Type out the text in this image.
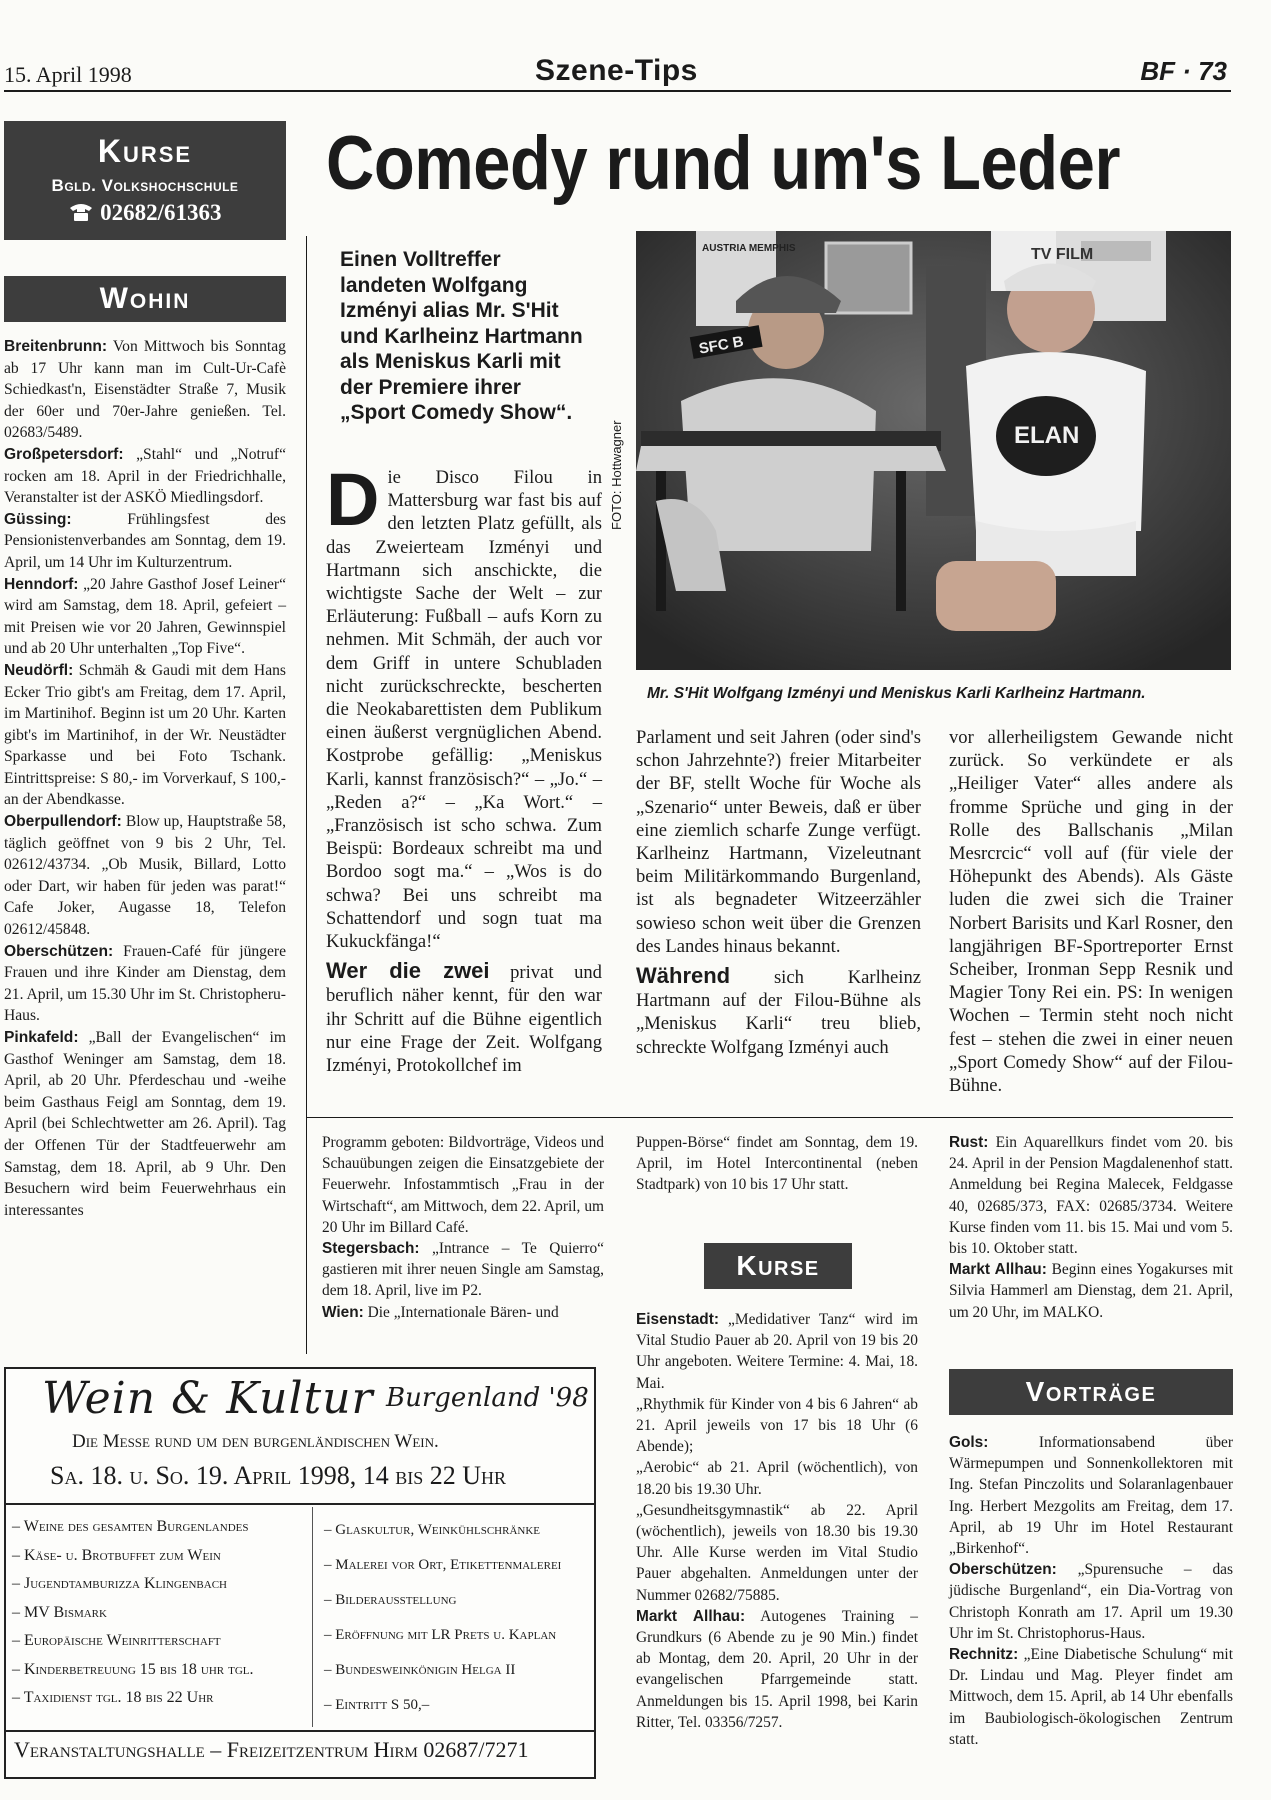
15. April 1998	Szene-Tips	BF · 73
Kurse
Bgld. Volkshochschule
02682/61363
Wohin

Breitenbrunn: Von Mittwoch bis Sonntag ab 17 Uhr kann man im Cult-Ur-Cafè Schiedkast'n, Eisenstädter Straße 7, Musik der 60er und 70er-Jahre genießen. Tel. 02683/5489.

Großpetersdorf: „Stahl“ und „Notruf“ rocken am 18. April in der Friedrichhalle, Veranstalter ist der ASKÖ Miedlingsdorf.

Güssing:	Frühlingsfest des Pensionistenverbandes am Sonntag, dem 19. April, um 14 Uhr im Kulturzentrum.

Henndorf: „20 Jahre Gasthof Josef Leiner“ wird am Samstag, dem 18. April, gefeiert – mit Preisen wie vor 20 Jahren, Gewinnspiel und ab 20 Uhr unterhalten „Top Five“.

Neudörfl: Schmäh & Gaudi mit dem Hans Ecker Trio gibt's am Freitag, dem 17. April, im Martinihof. Beginn ist um 20 Uhr. Karten gibt's im Martinihof, in der Wr. Neustädter Sparkasse und bei Foto Tschank. Eintrittspreise: S 80,- im Vorverkauf, S 100,- an der Abendkasse.

Oberpullendorf: Blow up, Hauptstraße 58, täglich geöffnet von 9 bis 2 Uhr, Tel. 02612/43734. „Ob Musik, Billard, Lotto oder Dart, wir haben für jeden was parat!“ Cafe Joker, Augasse 18, Telefon 02612/45848.

Oberschützen: Frauen-Café für jüngere Frauen und ihre Kinder am Dienstag, dem 21. April, um 15.30 Uhr im St. Christopheru-Haus.

Pinkafeld: „Ball der Evangelischen“ im Gasthof Weninger am Samstag, dem 18. April, ab 20 Uhr. Pferdeschau und -weihe beim Gasthaus Feigl am Sonntag, dem 19. April (bei Schlechtwetter am 26. April). Tag der Offenen Tür der Stadtfeuerwehr am Samstag, dem 18. April, ab 9 Uhr. Den Besuchern wird beim Feuerwehrhaus ein interessantes

Comedy rund um's Leder
Einen Volltreffer landeten Wolfgang Izményi alias Mr. S'Hit und Karlheinz Hartmann als Meniskus Karli mit der Premiere ihrer „Sport Comedy Show“.
SFC B
AUSTRIA MEMPHIS
ELAN
TV FILM
FOTO: Hottwagner
Mr. S'Hit Wolfgang Izményi und Meniskus Karli Karlheinz Hartmann.
D ie Disco Filou in Mattersburg war fast bis auf den letzten Platz gefüllt, als das Zweierteam Izményi und Hartmann sich anschickte, die wichtigste Sache der Welt – zur Erläuterung: Fußball – aufs Korn zu nehmen. Mit Schmäh, der auch vor dem Griff in untere Schubladen nicht zurückschreckte, bescherten die Neokabarettisten dem Publikum einen äußerst vergnüglichen Abend. Kostprobe gefällig: „Meniskus Karli, kannst französisch?“ – „Jo.“ – „Reden a?“ – „Ka Wort.“ – „Französisch ist scho schwa. Zum Beispü: Bordeaux schreibt ma und Bordoo sogt ma.“ – „Wos is do schwa? Bei uns schreibt ma Schattendorf und sogn tuat ma Kukuckfänga!“

Wer die zwei privat und beruflich näher kennt, für den war ihr Schritt auf die Bühne eigentlich nur eine Frage der Zeit. Wolfgang Izményi, Protokollchef im

Parlament und seit Jahren (oder sind's schon Jahrzehnte?) freier Mitarbeiter der BF, stellt Woche für Woche als „Szenario“ unter Beweis, daß er über eine ziemlich scharfe Zunge verfügt. Karlheinz Hartmann, Vizeleutnant beim Militärkommando Burgenland, ist als begnadeter Witzeerzähler sowieso schon weit über die Grenzen des Landes hinaus bekannt.

Während sich Karlheinz Hartmann auf der Filou-Bühne als „Meniskus Karli“ treu blieb, schreckte Wolfgang Izményi auch

vor allerheiligstem Gewande nicht zurück. So verkündete er als „Heiliger Vater“ alles andere als fromme Sprüche und ging in der Rolle des Ballschanis „Milan Mesrcrcic“ voll auf (für viele der Höhepunkt des Abends). Als Gäste luden die zwei sich die Trainer Norbert Barisits und Karl Rosner, den langjährigen BF-Sportreporter Ernst Scheiber, Ironman Sepp Resnik und Magier Tony Rei ein. PS: In wenigen Wochen – Termin steht noch nicht fest – stehen die zwei in einer neuen „Sport Comedy Show“ auf der Filou-Bühne.

Programm geboten: Bildvorträge, Videos und Schauübungen zeigen die Einsatzgebiete der Feuerwehr. Infostammtisch „Frau in der Wirtschaft“, am Mittwoch, dem 22. April, um 20 Uhr im Billard Café.

Stegersbach: „Intrance – Te Quierro“ gastieren mit ihrer neuen Single am Samstag, dem 18. April, live im P2.

Wien: Die „Internationale Bären- und

Puppen-Börse“ findet am Sonntag, dem 19. April, im Hotel Intercontinental (neben Stadtpark) von 10 bis 17 Uhr statt.

Kurse

Eisenstadt: „Medidativer Tanz“ wird im Vital Studio Pauer ab 20. April von 19 bis 20 Uhr angeboten. Weitere Termine: 4. Mai, 18. Mai.

„Rhythmik für Kinder von 4 bis 6 Jahren“ ab 21. April jeweils von 17 bis 18 Uhr (6 Abende);

„Aerobic“ ab 21. April (wöchentlich), von 18.20 bis 19.30 Uhr.

„Gesundheitsgymnastik“ ab 22. April (wöchentlich), jeweils von 18.30 bis 19.30 Uhr. Alle Kurse werden im Vital Studio Pauer abgehalten. Anmeldungen unter der Nummer 02682/75885.

Markt Allhau: Autogenes Training – Grundkurs (6 Abende zu je 90 Min.) findet ab Montag, dem 20. April, 20 Uhr in der evangelischen Pfarrgemeinde statt. Anmeldungen bis 15. April 1998, bei Karin Ritter, Tel. 03356/7257.

Rust: Ein Aquarellkurs findet vom 20. bis 24. April in der Pension Magdalenenhof statt. Anmeldung bei Regina Malecek, Feldgasse 40, 02685/373, FAX: 02685/3734. Weitere Kurse finden vom 11. bis 15. Mai und vom 5. bis 10. Oktober statt.

Markt Allhau: Beginn eines Yogakurses mit Silvia Hammerl am Dienstag, dem 21. April, um 20 Uhr, im MALKO.

Vorträge

Gols:	Informationsabend über Wärmepumpen und Sonnenkollektoren mit Ing. Stefan Pinczolits und Solaranlagenbauer Ing. Herbert Mezgolits am Freitag, dem 17. April, ab 19 Uhr im Hotel Restaurant „Birkenhof“.

Oberschützen: „Spurensuche – das jüdische Burgenland“, ein Dia-Vortrag von Christoph Konrath am 17. April um 19.30 Uhr im St. Christophorus-Haus.

Rechnitz: „Eine Diabetische Schulung“ mit Dr. Lindau und Mag. Pleyer findet am Mittwoch, dem 15. April, ab 14 Uhr ebenfalls im Baubiologisch-ökologischen Zentrum statt.

Wein & Kultur Burgenland '98
Die Messe rund um den burgenländischen Wein.
Sa. 18. u. So. 19. April 1998, 14 bis 22 Uhr
– Weine des gesamten Burgenlandes
– Käse- u. Brotbuffet zum Wein
– Jugendtamburizza Klingenbach
– MV Bismark
– Europäische Weinritterschaft
– Kinderbetreuung 15 bis 18 uhr tgl.
– Taxidienst tgl. 18 bis 22 Uhr
– Glaskultur, Weinkühlschränke
– Malerei vor Ort, Etikettenmalerei
– Bilderausstellung
– Eröffnung mit LR Prets u. Kaplan
– Bundesweinkönigin Helga II
– Eintritt S 50,–
Veranstaltungshalle – Freizeitzentrum Hirm 02687/7271
